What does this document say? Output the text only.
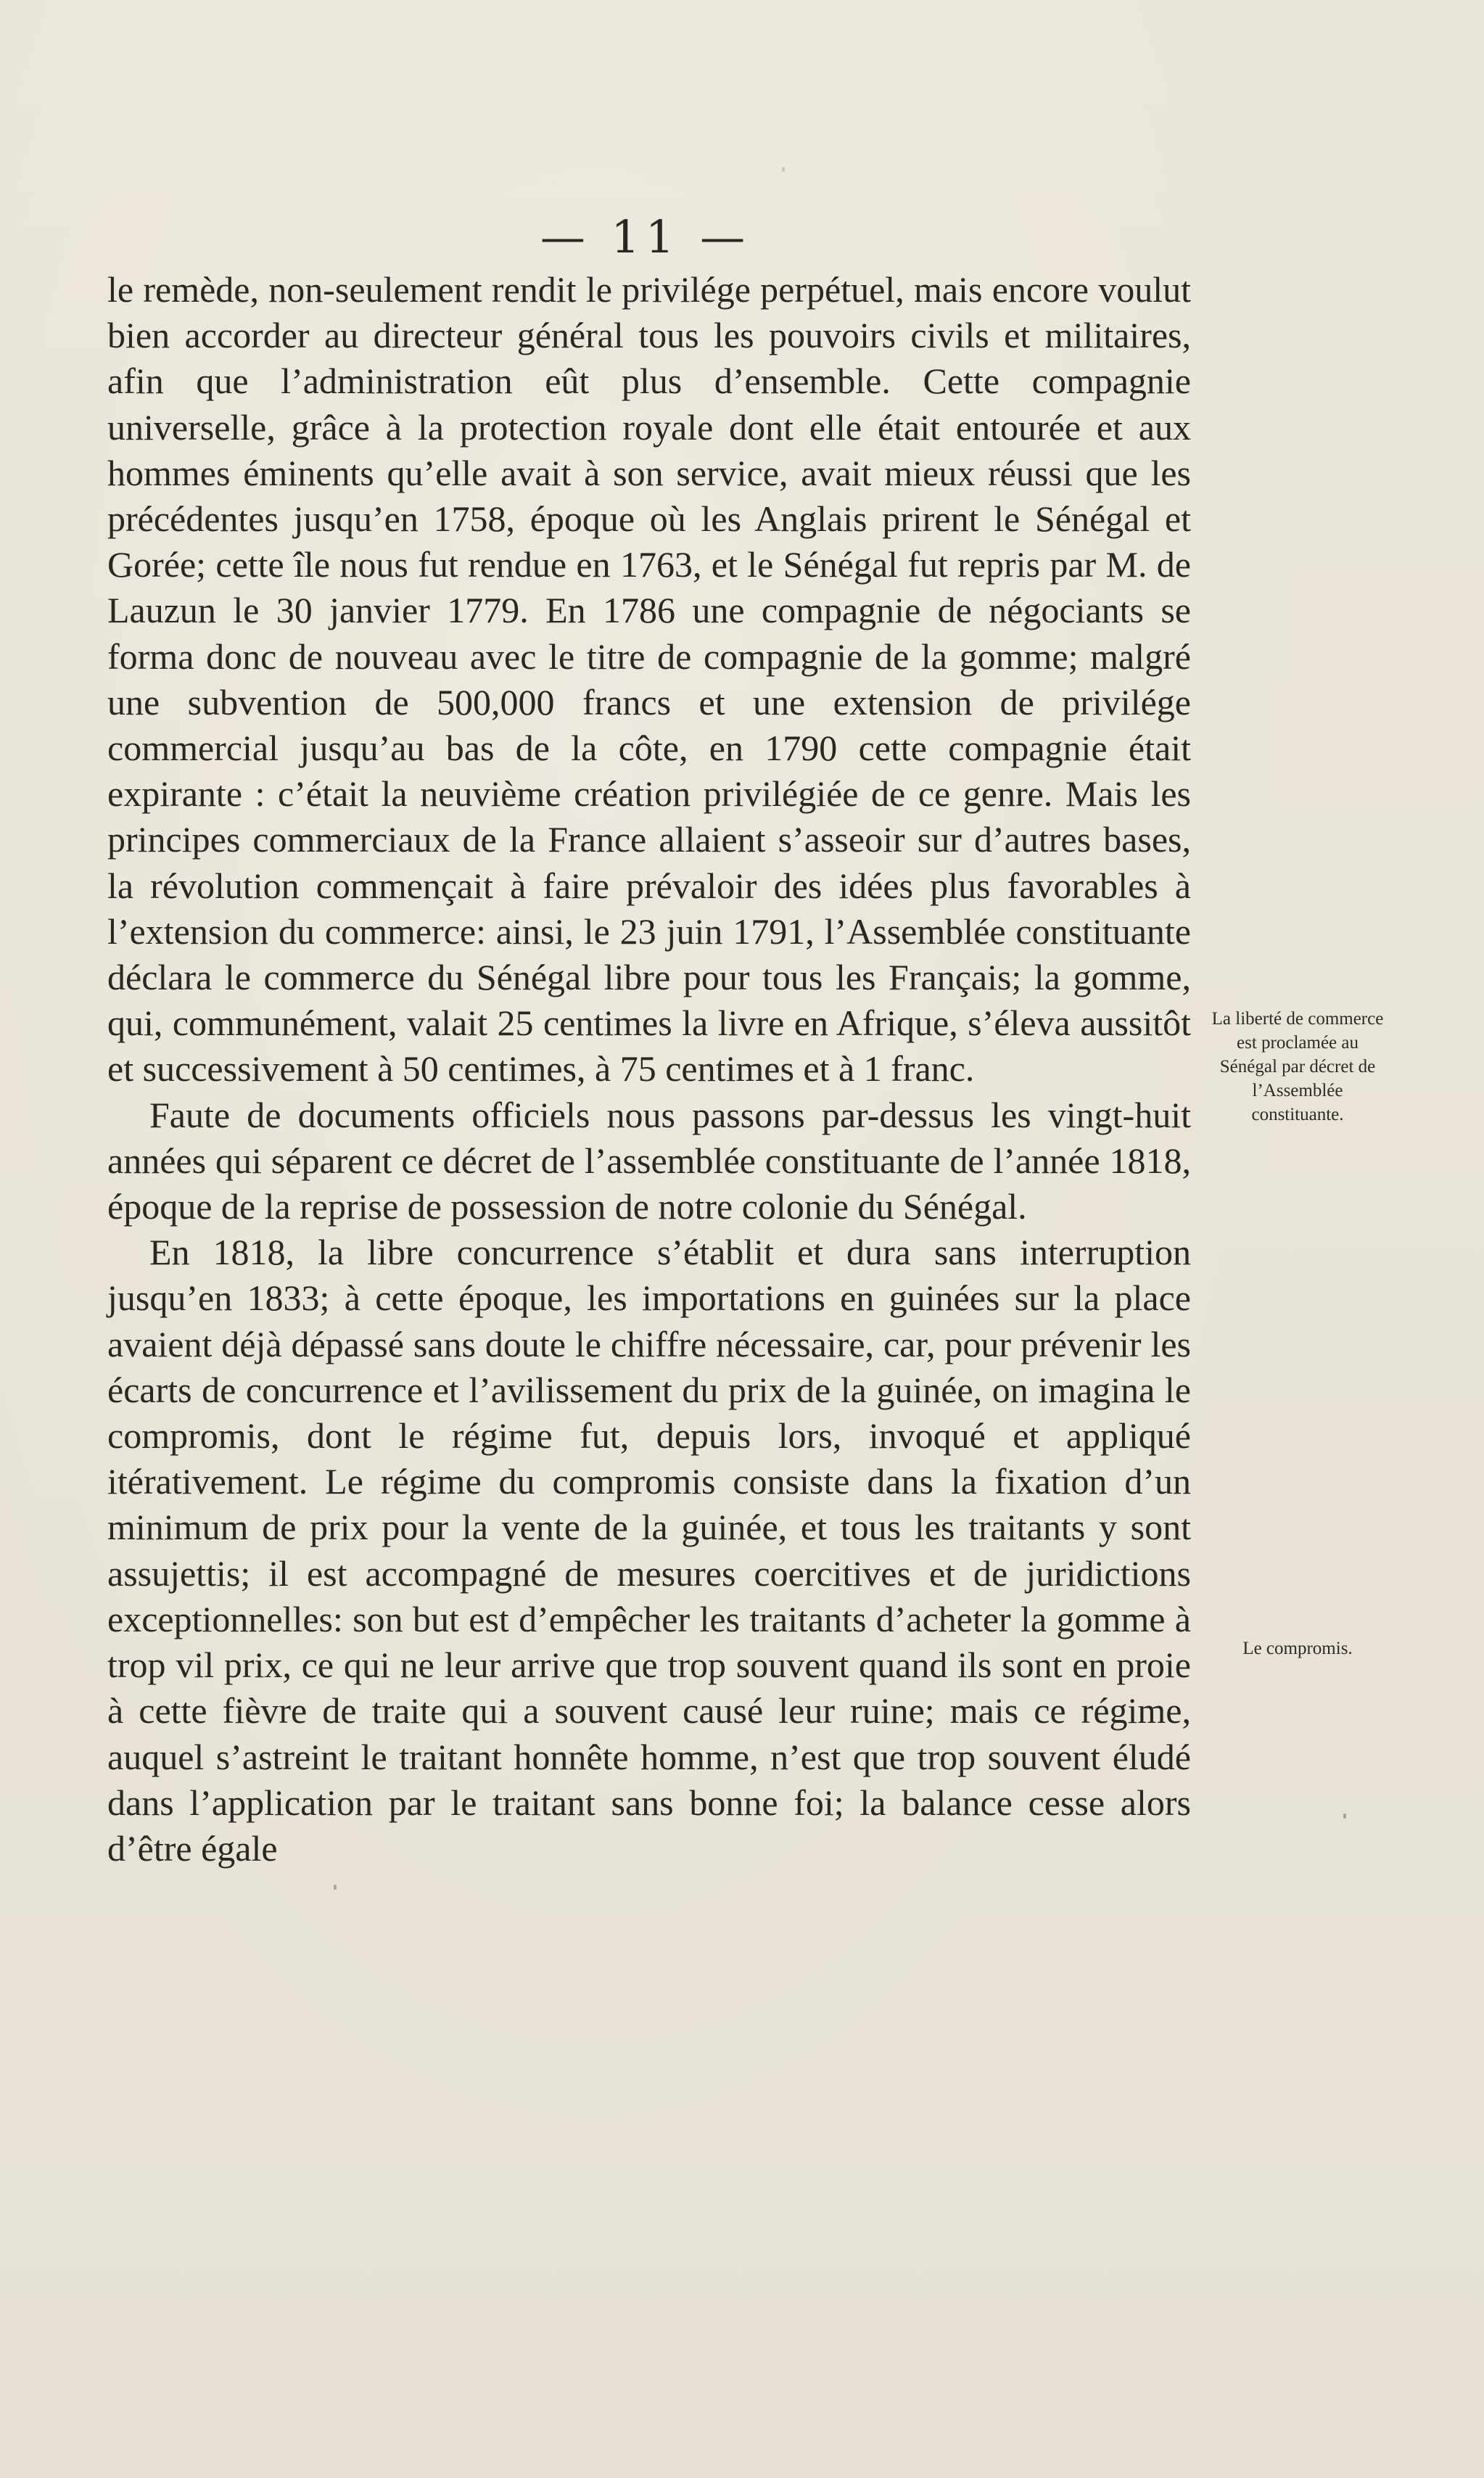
— 11 —

le remède, non-seulement rendit le privilége perpétuel, mais encore voulut bien accorder au directeur général tous les pouvoirs civils et militaires, afin que l’administration eût plus d’ensemble. Cette compagnie universelle, grâce à la protection royale dont elle était entourée et aux hommes éminents qu’elle avait à son service, avait mieux réussi que les précédentes jusqu’en 1758, époque où les Anglais prirent le Sénégal et Gorée; cette île nous fut rendue en 1763, et le Sénégal fut repris par M. de Lauzun le 30 janvier 1779. En 1786 une compagnie de négociants se forma donc de nouveau avec le titre de compagnie de la gomme; malgré une subvention de 500,000 francs et une extension de privilége commercial jusqu’au bas de la côte, en 1790 cette compagnie était expirante : c’était la neuvième création privilégiée de ce genre. Mais les principes commerciaux de la France allaient s’asseoir sur d’autres bases, la révolution commençait à faire prévaloir des idées plus favorables à l’extension du commerce: ainsi, le 23 juin 1791, l’Assemblée constituante déclara le commerce du Sénégal libre pour tous les Français; la gomme, qui, communément, valait 25 centimes la livre en Afrique, s’éleva aussitôt et successivement à 50 centimes, à 75 centimes et à 1 franc.

Faute de documents officiels nous passons par-dessus les vingt-huit années qui séparent ce décret de l’assemblée constituante de l’année 1818, époque de la reprise de possession de notre colonie du Sénégal.

En 1818, la libre concurrence s’établit et dura sans interruption jusqu’en 1833; à cette époque, les importations en guinées sur la place avaient déjà dépassé sans doute le chiffre nécessaire, car, pour prévenir les écarts de concurrence et l’avilissement du prix de la guinée, on imagina le compromis, dont le régime fut, depuis lors, invoqué et appliqué itérativement. Le régime du compromis consiste dans la fixation d’un minimum de prix pour la vente de la guinée, et tous les traitants y sont assujettis; il est accompagné de mesures coercitives et de juridictions exceptionnelles: son but est d’empêcher les traitants d’acheter la gomme à trop vil prix, ce qui ne leur arrive que trop souvent quand ils sont en proie à cette fièvre de traite qui a souvent causé leur ruine; mais ce régime, auquel s’astreint le traitant honnête homme, n’est que trop souvent éludé dans l’application par le traitant sans bonne foi; la balance cesse alors d’être égale

La liberté de commerce est proclamée au Sénégal par décret de l’Assemblée constituante.
Le compromis.
